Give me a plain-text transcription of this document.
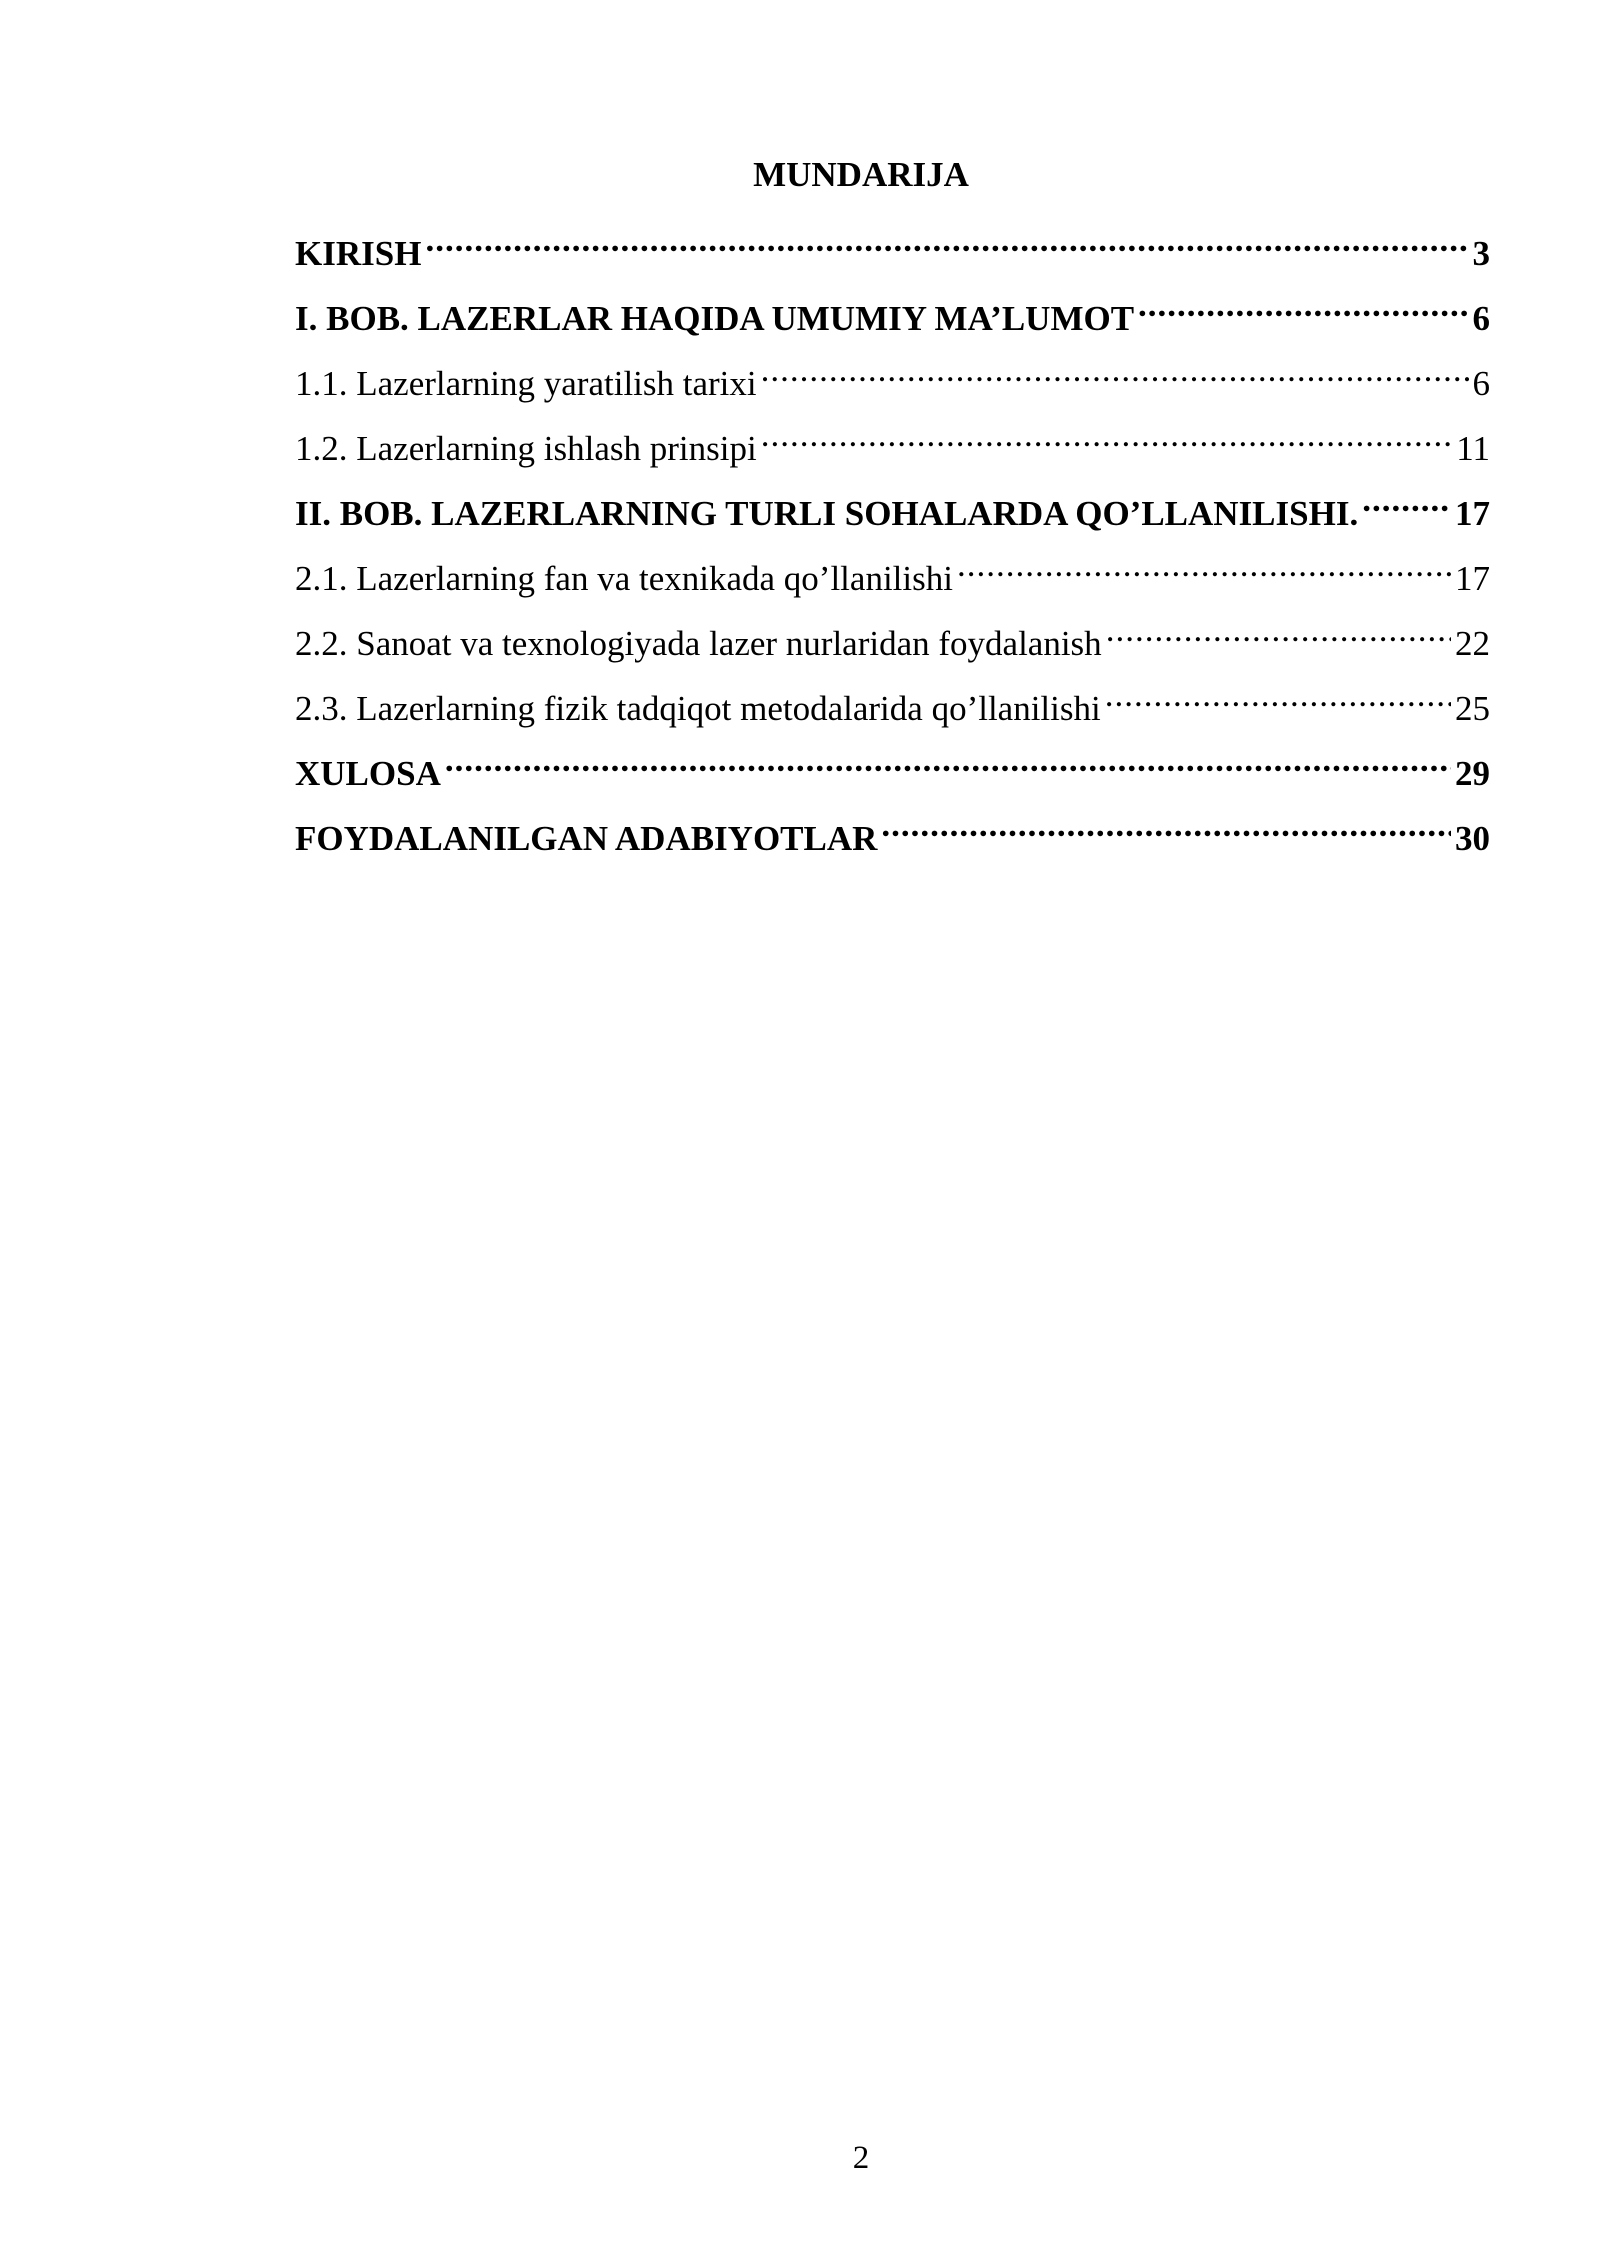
MUNDARIJA
KIRISH .....	3
I. BOB. LAZERLAR HAQIDA UMUMIY MA’LUMOT .....	6
1.1. Lazerlarning yaratilish tarixi .....	6
1.2. Lazerlarning ishlash prinsipi .....	11
II. BOB. LAZERLARNING TURLI SOHALARDA QO’LLANILISHI. .....	17
2.1. Lazerlarning fan va texnikada qo’llanilishi .....	17
2.2. Sanoat va texnologiyada lazer nurlaridan foydalanish .....	22
2.3. Lazerlarning fizik tadqiqot metodalarida qo’llanilishi .....	25
XULOSA .....	29
FOYDALANILGAN ADABIYOTLAR .....	30
2
